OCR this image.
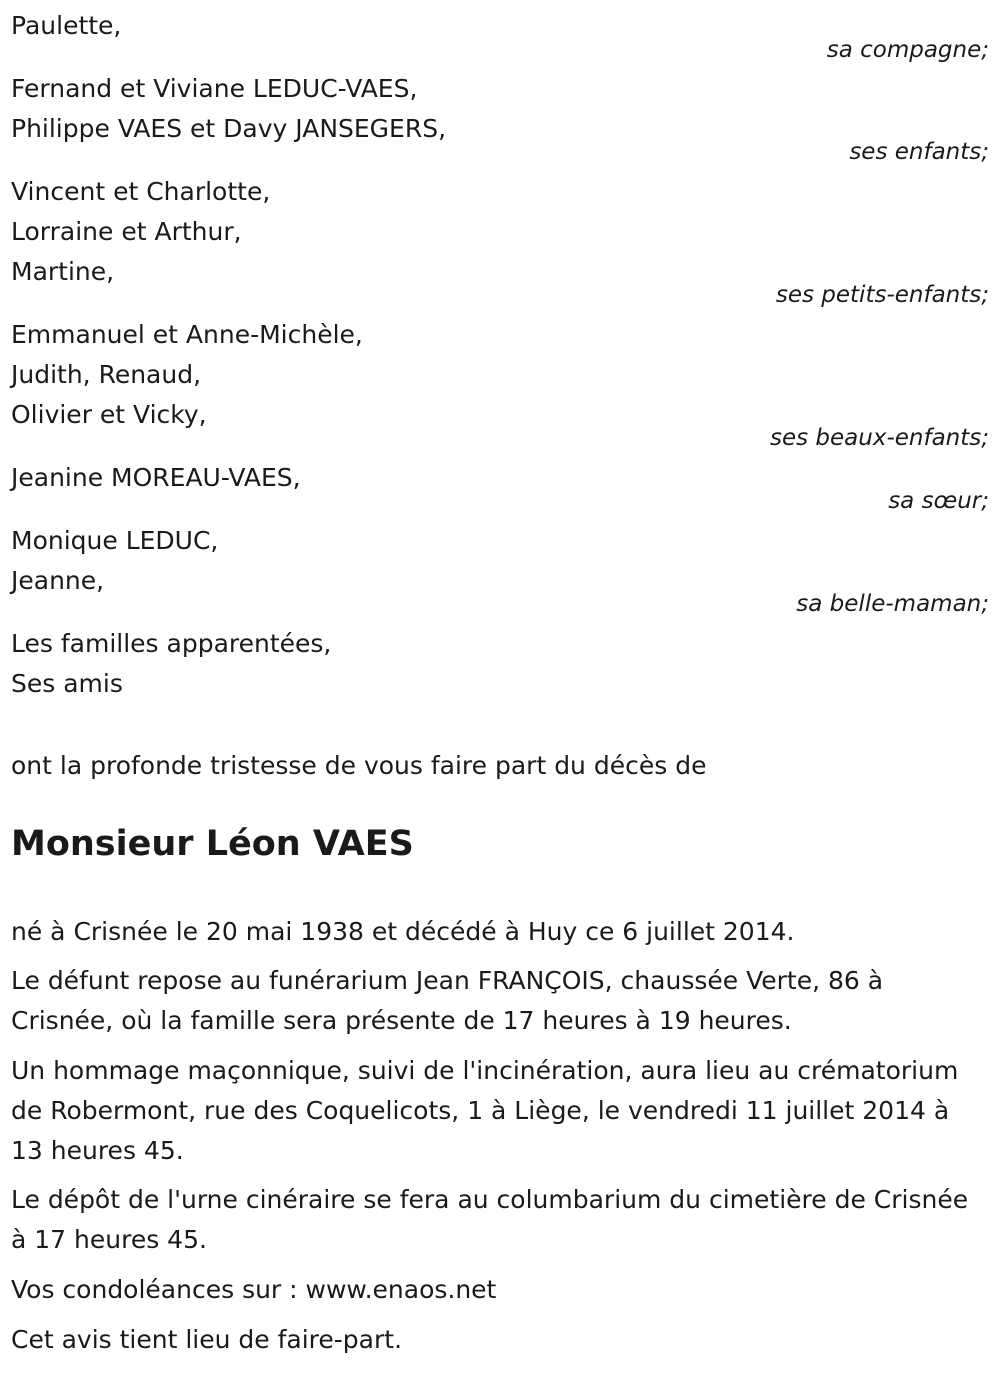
Paulette,
sa compagne;
Fernand et Viviane LEDUC-VAES,
Philippe VAES et Davy JANSEGERS,
ses enfants;
Vincent et Charlotte,
Lorraine et Arthur,
Martine,
ses petits-enfants;
Emmanuel et Anne-Michèle,
Judith, Renaud,
Olivier et Vicky,
ses beaux-enfants;
Jeanine MOREAU-VAES,
sa sœur;
Monique LEDUC,
Jeanne,
sa belle-maman;
Les familles apparentées,
Ses amis
ont la profonde tristesse de vous faire part du décès de
Monsieur Léon VAES
né à Crisnée le 20 mai 1938 et décédé à Huy ce 6 juillet 2014.
Le défunt repose au funérarium Jean FRANÇOIS, chaussée Verte, 86 à Crisnée, où la famille sera présente de 17 heures à 19 heures.
Un hommage maçonnique, suivi de l'incinération, aura lieu au crématorium de Robermont, rue des Coquelicots, 1 à Liège, le vendredi 11 juillet 2014 à 13 heures 45.
Le dépôt de l'urne cinéraire se fera au columbarium du cimetière de Crisnée à 17 heures 45.
Vos condoléances sur : www.enaos.net
Cet avis tient lieu de faire-part.
